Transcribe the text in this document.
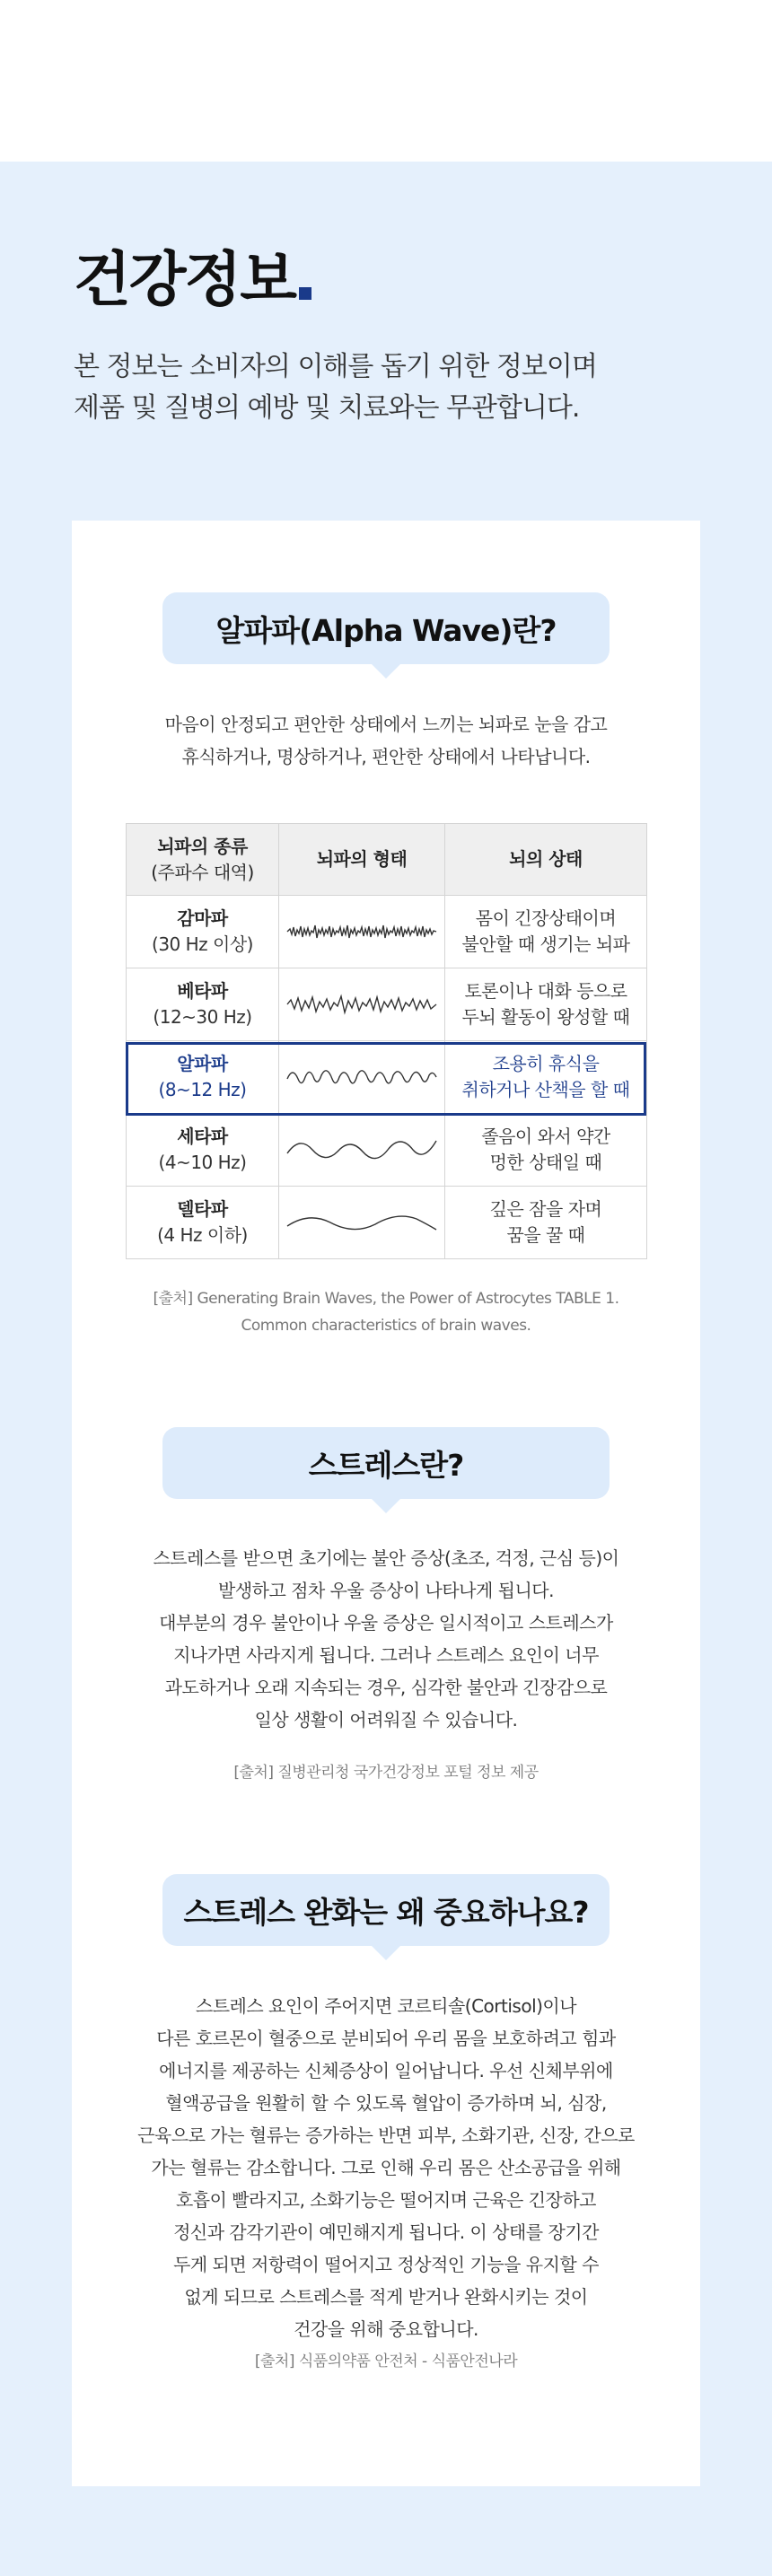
건강정보

본 정보는 소비자의 이해를 돕기 위한 정보이며
제품 및 질병의 예방 및 치료와는 무관합니다.

알파파(Alpha Wave)란?

마음이 안정되고 편안한 상태에서 느끼는 뇌파로 눈을 감고
휴식하거나, 명상하거나, 편안한 상태에서 나타납니다.

뇌파의 종류
(주파수 대역)	뇌파의 형태	뇌의 상태

감마파
(30 Hz 이상)		몸이 긴장상태이며
불안할 때 생기는 뇌파

베타파
(12~30 Hz)		토론이나 대화 등으로
두뇌 활동이 왕성할 때

알파파
(8~12 Hz)		조용히 휴식을
취하거나 산책을 할 때

세타파
(4~10 Hz)		졸음이 와서 약간
멍한 상태일 때

델타파
(4 Hz 이하)		깊은 잠을 자며
꿈을 꿀 때

[출처] Generating Brain Waves, the Power of Astrocytes TABLE 1.
Common characteristics of brain waves.

스트레스란?

스트레스를 받으면 초기에는 불안 증상(초조, 걱정, 근심 등)이
발생하고 점차 우울 증상이 나타나게 됩니다.
대부분의 경우 불안이나 우울 증상은 일시적이고 스트레스가
지나가면 사라지게 됩니다. 그러나 스트레스 요인이 너무
과도하거나 오래 지속되는 경우, 심각한 불안과 긴장감으로
일상 생활이 어려워질 수 있습니다.

[출처] 질병관리청 국가건강정보 포털 정보 제공

스트레스 완화는 왜 중요하나요?

스트레스 요인이 주어지면 코르티솔(Cortisol)이나
다른 호르몬이 혈중으로 분비되어 우리 몸을 보호하려고 힘과
에너지를 제공하는 신체증상이 일어납니다. 우선 신체부위에
혈액공급을 원활히 할 수 있도록 혈압이 증가하며 뇌, 심장,
근육으로 가는 혈류는 증가하는 반면 피부, 소화기관, 신장, 간으로
가는 혈류는 감소합니다. 그로 인해 우리 몸은 산소공급을 위해
호흡이 빨라지고, 소화기능은 떨어지며 근육은 긴장하고
정신과 감각기관이 예민해지게 됩니다. 이 상태를 장기간
두게 되면 저항력이 떨어지고 정상적인 기능을 유지할 수
없게 되므로 스트레스를 적게 받거나 완화시키는 것이
건강을 위해 중요합니다.

[출처] 식품의약품 안전처 - 식품안전나라
